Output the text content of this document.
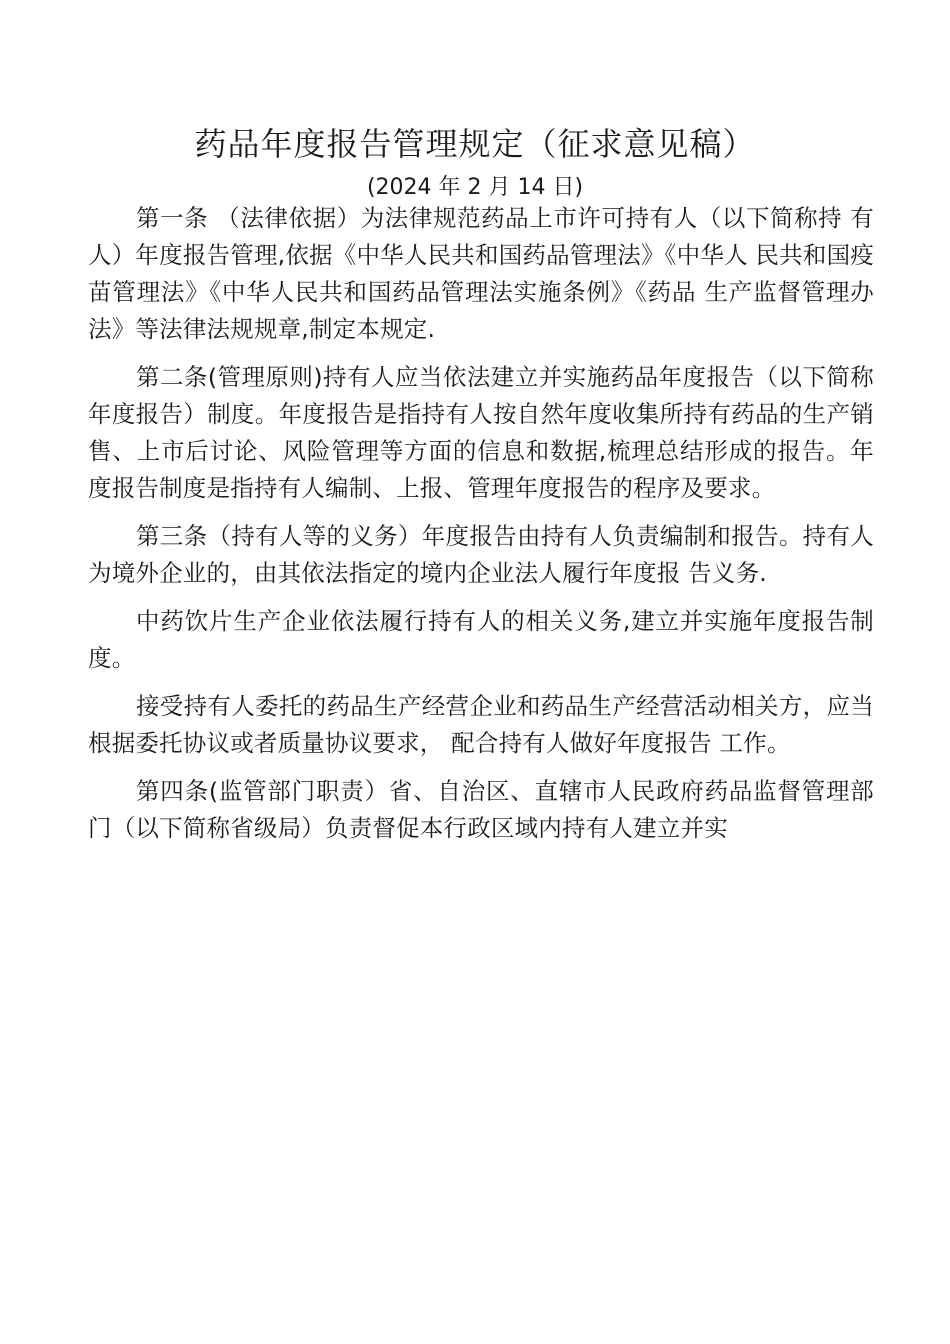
药品年度报告管理规定（征求意见稿）
(2024 年 2 月 14 日)

第一条 （法律依据）为法律规范药品上市许可持有人（以下简称持 有人）年度报告管理,依据《中华人民共和国药品管理法》《中华人 民共和国疫苗管理法》《中华人民共和国药品管理法实施条例》《药品 生产监督管理办法》等法律法规规章,制定本规定.

第二条(管理原则)持有人应当依法建立并实施药品年度报告（以下简称年度报告）制度。年度报告是指持有人按自然年度收集所持有药品的生产销售、上市后讨论、风险管理等方面的信息和数据,梳理总结形成的报告。年度报告制度是指持有人编制、上报、管理年度报告的程序及要求。

第三条（持有人等的义务）年度报告由持有人负责编制和报告。持有人为境外企业的，由其依法指定的境内企业法人履行年度报 告义务.

中药饮片生产企业依法履行持有人的相关义务,建立并实施年度报告制度。

接受持有人委托的药品生产经营企业和药品生产经营活动相关方，应当根据委托协议或者质量协议要求， 配合持有人做好年度报告 工作。

第四条(监管部门职责）省、自治区、直辖市人民政府药品监督管理部门（以下简称省级局）负责督促本行政区域内持有人建立并实
